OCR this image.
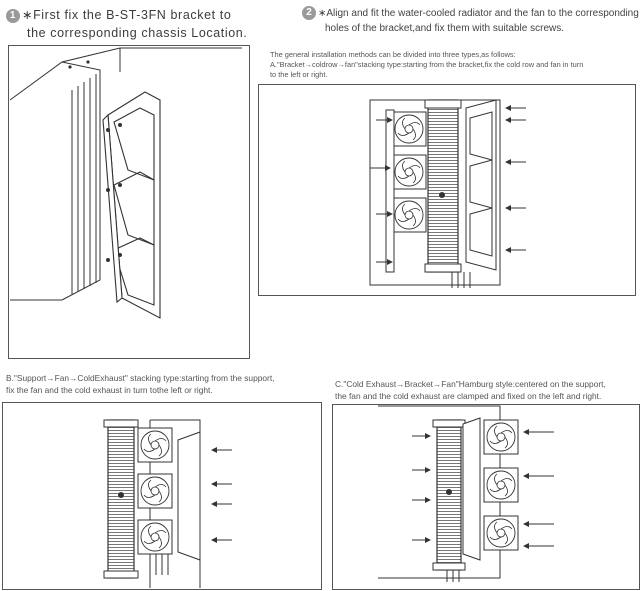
1 ∗First fix the B-ST-3FN bracket to
the corresponding chassis Location.
2 ∗Align and fit the water-cooled radiator and the fan to the corresponding
holes of the bracket,and fix them with suitable screws.
The general installation methods can be divided into three types,as follows:
A."Bracket→coldrow→fan"stacking type:starting from the bracket,fix the cold row and fan in turn
to the left or right.
B."Support→Fan→ColdExhaust" stacking type:starting from the support,
fix the fan and the cold exhaust in turn tothe left or right.
C."Cold Exhaust→Bracket→Fan"Hamburg style:centered on the support,
the fan and the cold exhaust are clamped and fixed on the left and right.
